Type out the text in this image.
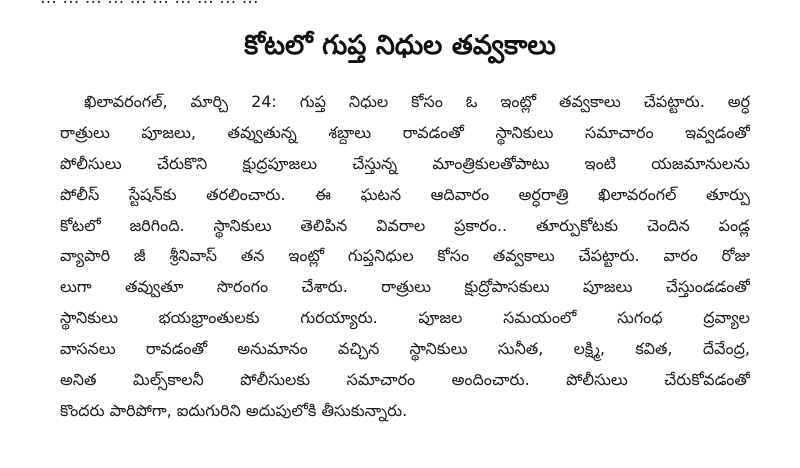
కోటలో గుప్త నిధుల తవ్వకాలు
ఖిలావరంగల్, మార్చి 24: గుప్త నిధుల కోసం ఓ ఇంట్లో తవ్వకాలు చేపట్టారు. అర్ధ
రాత్రులు పూజలు, తవ్వుతున్న శబ్దాలు రావడంతో స్థానికులు సమాచారం ఇవ్వడంతో
పోలీసులు చేరుకొని క్షుద్రపూజలు చేస్తున్న మాంత్రికులతోపాటు ఇంటి యజమానులను
పోలీస్ స్టేషన్‌కు తరలించారు. ఈ ఘటన ఆదివారం అర్ధరాత్రి ఖిలావరంగల్ తూర్పు
కోటలో జరిగింది. స్థానికులు తెలిపిన వివరాల ప్రకారం.. తూర్పుకోటకు చెందిన పండ్ల
వ్యాపారి జీ శ్రీనివాస్ తన ఇంట్లో గుప్తనిధుల కోసం తవ్వకాలు చేపట్టారు. వారం రోజు
లుగా తవ్వుతూ సొరంగం చేశారు. రాత్రులు క్షుద్రోపాసకులు పూజలు చేస్తుండడంతో
స్థానికులు భయభ్రాంతులకు గురయ్యారు. పూజల సమయంలో సుగంధ ద్రవ్యాల
వాసనలు రావడంతో అనుమానం వచ్చిన స్థానికులు సునీత, లక్ష్మి, కవిత, దేవేంద్ర,
అనిత మిల్స్‌కాలనీ పోలీసులకు సమాచారం అందించారు. పోలీసులు చేరుకోవడంతో
కొందరు పారిపోగా, ఐదుగురిని అదుపులోకి తీసుకున్నారు.
